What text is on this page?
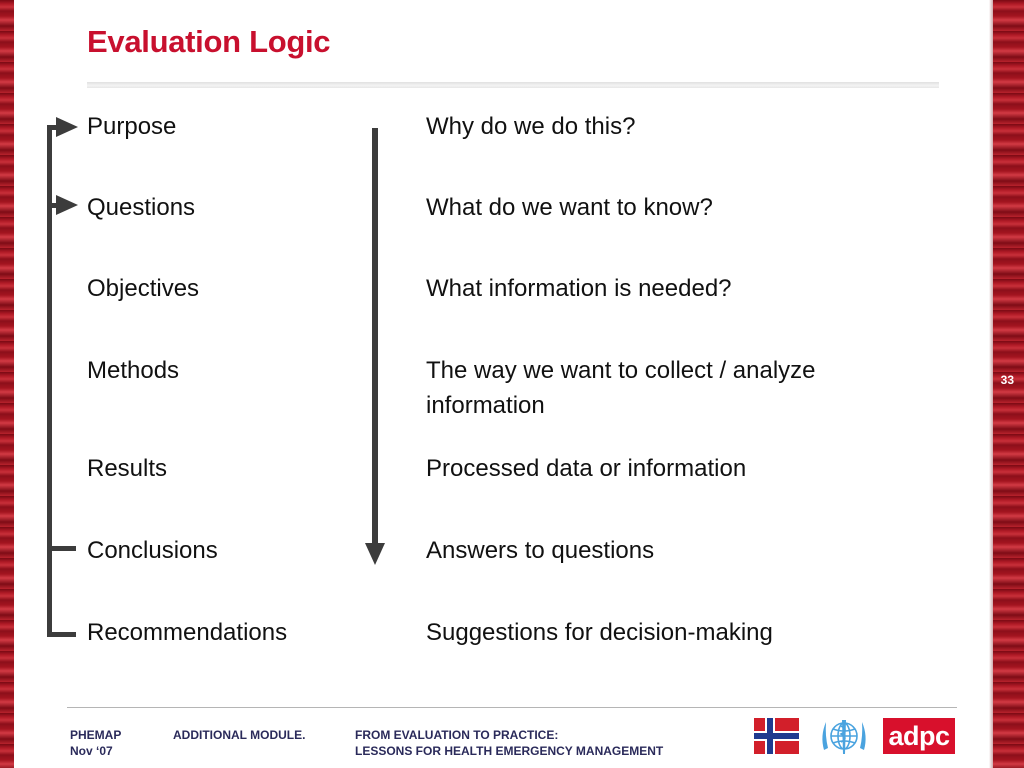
33
Evaluation Logic
Purpose	Why do we do this?
Questions	What do we want to know?
Objectives	What information is needed?
Methods	The way we want to collect / analyze information
Results	Processed data or information
Conclusions	Answers to questions
Recommendations	Suggestions for decision-making
PHEMAP
Nov ‘07
ADDITIONAL MODULE.	FROM EVALUATION TO PRACTICE:
LESSONS FOR HEALTH EMERGENCY MANAGEMENT	adpc
